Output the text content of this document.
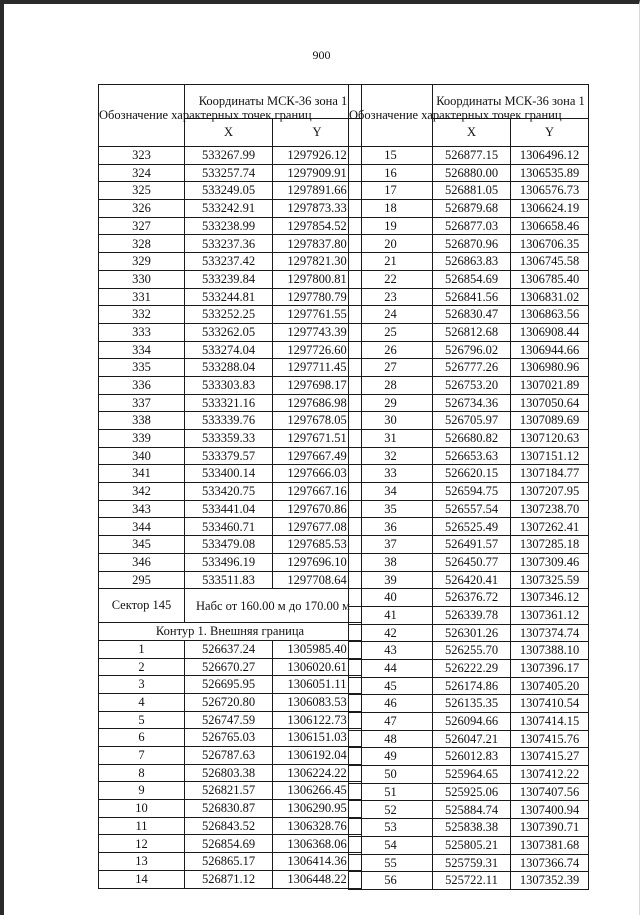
900
Обозначение характерных точек границ	Координаты МСК-36 зона 1	
	X	Y
323	533267.99	1297926.12
324	533257.74	1297909.91
325	533249.05	1297891.66
326	533242.91	1297873.33
327	533238.99	1297854.52
328	533237.36	1297837.80
329	533237.42	1297821.30
330	533239.84	1297800.81
331	533244.81	1297780.79
332	533252.25	1297761.55
333	533262.05	1297743.39
334	533274.04	1297726.60
335	533288.04	1297711.45
336	533303.83	1297698.17
337	533321.16	1297686.98
338	533339.76	1297678.05
339	533359.33	1297671.51
340	533379.57	1297667.49
341	533400.14	1297666.03
342	533420.75	1297667.16
343	533441.04	1297670.86
344	533460.71	1297677.08
345	533479.08	1297685.53
346	533496.19	1297696.10
295	533511.83	1297708.64
Сектор 145	Набс от 160.00 м до 170.00 м	
Контур 1. Внешняя граница		
1	526637.24	1305985.40
2	526670.27	1306020.61
3	526695.95	1306051.11
4	526720.80	1306083.53
5	526747.59	1306122.73
6	526765.03	1306151.03
7	526787.63	1306192.04
8	526803.38	1306224.22
9	526821.57	1306266.45
10	526830.87	1306290.95
11	526843.52	1306328.76
12	526854.69	1306368.06
13	526865.17	1306414.36
14	526871.12	1306448.22
Обозначение характерных точек границ	Координаты МСК-36 зона 1	
	X	Y
15	526877.15	1306496.12
16	526880.00	1306535.89
17	526881.05	1306576.73
18	526879.68	1306624.19
19	526877.03	1306658.46
20	526870.96	1306706.35
21	526863.83	1306745.58
22	526854.69	1306785.40
23	526841.56	1306831.02
24	526830.47	1306863.56
25	526812.68	1306908.44
26	526796.02	1306944.66
27	526777.26	1306980.96
28	526753.20	1307021.89
29	526734.36	1307050.64
30	526705.97	1307089.69
31	526680.82	1307120.63
32	526653.63	1307151.12
33	526620.15	1307184.77
34	526594.75	1307207.95
35	526557.54	1307238.70
36	526525.49	1307262.41
37	526491.57	1307285.18
38	526450.77	1307309.46
39	526420.41	1307325.59
40	526376.72	1307346.12
41	526339.78	1307361.12
42	526301.26	1307374.74
43	526255.70	1307388.10
44	526222.29	1307396.17
45	526174.86	1307405.20
46	526135.35	1307410.54
47	526094.66	1307414.15
48	526047.21	1307415.76
49	526012.83	1307415.27
50	525964.65	1307412.22
51	525925.06	1307407.56
52	525884.74	1307400.94
53	525838.38	1307390.71
54	525805.21	1307381.68
55	525759.31	1307366.74
56	525722.11	1307352.39
